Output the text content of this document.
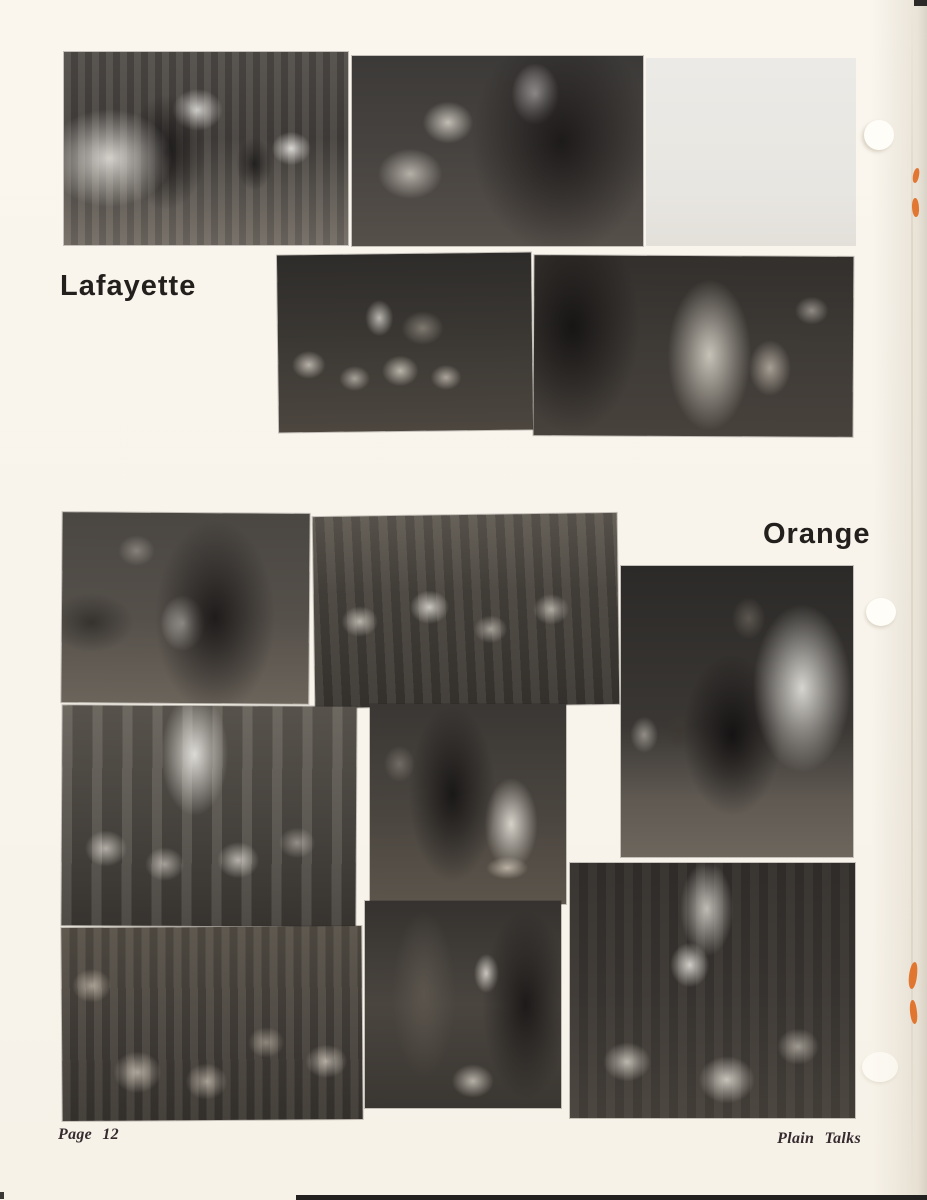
Lafayette
Orange
Page 12	Plain Talks
